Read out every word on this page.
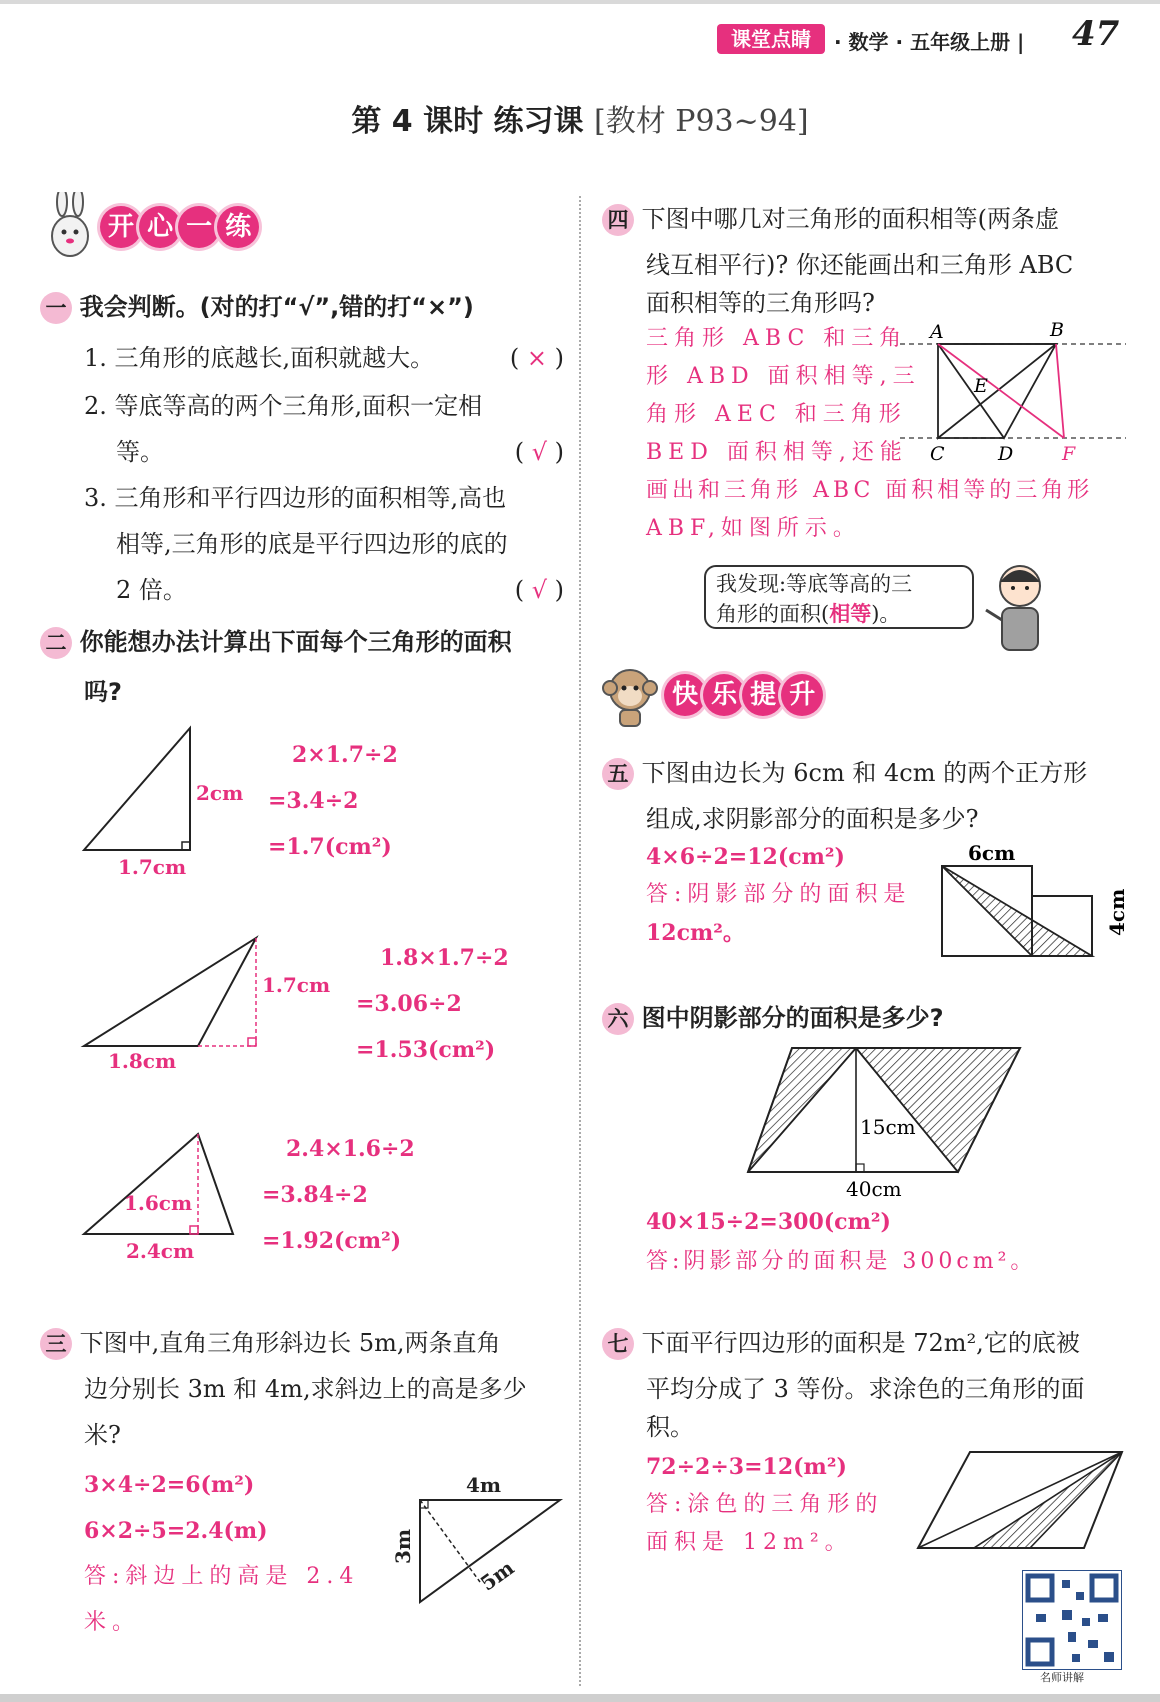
课堂点睛	· 数学 · 五年级上册 | 47
第 4 课时 练习课 [教材 P93~94]
开 心 一 练
一 我会判断。(对的打“√”,错的打“×”)
1. 三角形的底越长,面积就越大。	( × )
2. 等底等高的两个三角形,面积一定相
等。	( √ )
3. 三角形和平行四边形的面积相等,高也
相等,三角形的底是平行四边形的底的
2 倍。	( √ )
二 你能想办法计算出下面每个三角形的面积
吗?
2cm
1.7cm
2×1.7÷2
=3.4÷2
=1.7(cm²)
1.7cm
1.8cm
1.8×1.7÷2
=3.06÷2
=1.53(cm²)
1.6cm
2.4cm
2.4×1.6÷2
=3.84÷2
=1.92(cm²)
三 下图中,直角三角形斜边长 5m,两条直角
边分别长 3m 和 4m,求斜边上的高是多少
米?
3×4÷2=6(m²)
6×2÷5=2.4(m)
答:斜边上的高是 2.4
米。
4m
3m
5m
四 下图中哪几对三角形的面积相等(两条虚
线互相平行)? 你还能画出和三角形 ABC
面积相等的三角形吗?
三角形 ABC 和三角
形 ABD 面积相等,三
角形 AEC 和三角形
BED 面积相等,还能
画出和三角形 ABC 面积相等的三角形
ABF,如图所示。
A	B
E
C	D	F
我发现:等底等高的三
角形的面积(相等)。
快 乐 提 升
五 下图由边长为 6cm 和 4cm 的两个正方形
组成,求阴影部分的面积是多少?
4×6÷2=12(cm²)
答:阴影部分的面积是
12cm²。
6cm
4cm
六 图中阴影部分的面积是多少?
15cm
40cm
40×15÷2=300(cm²)
答:阴影部分的面积是 300cm²。
七 下面平行四边形的面积是 72m²,它的底被
平均分成了 3 等份。求涂色的三角形的面
积。
72÷2÷3=12(m²)
答:涂色的三角形的
面积是 12m²。
名师讲解
